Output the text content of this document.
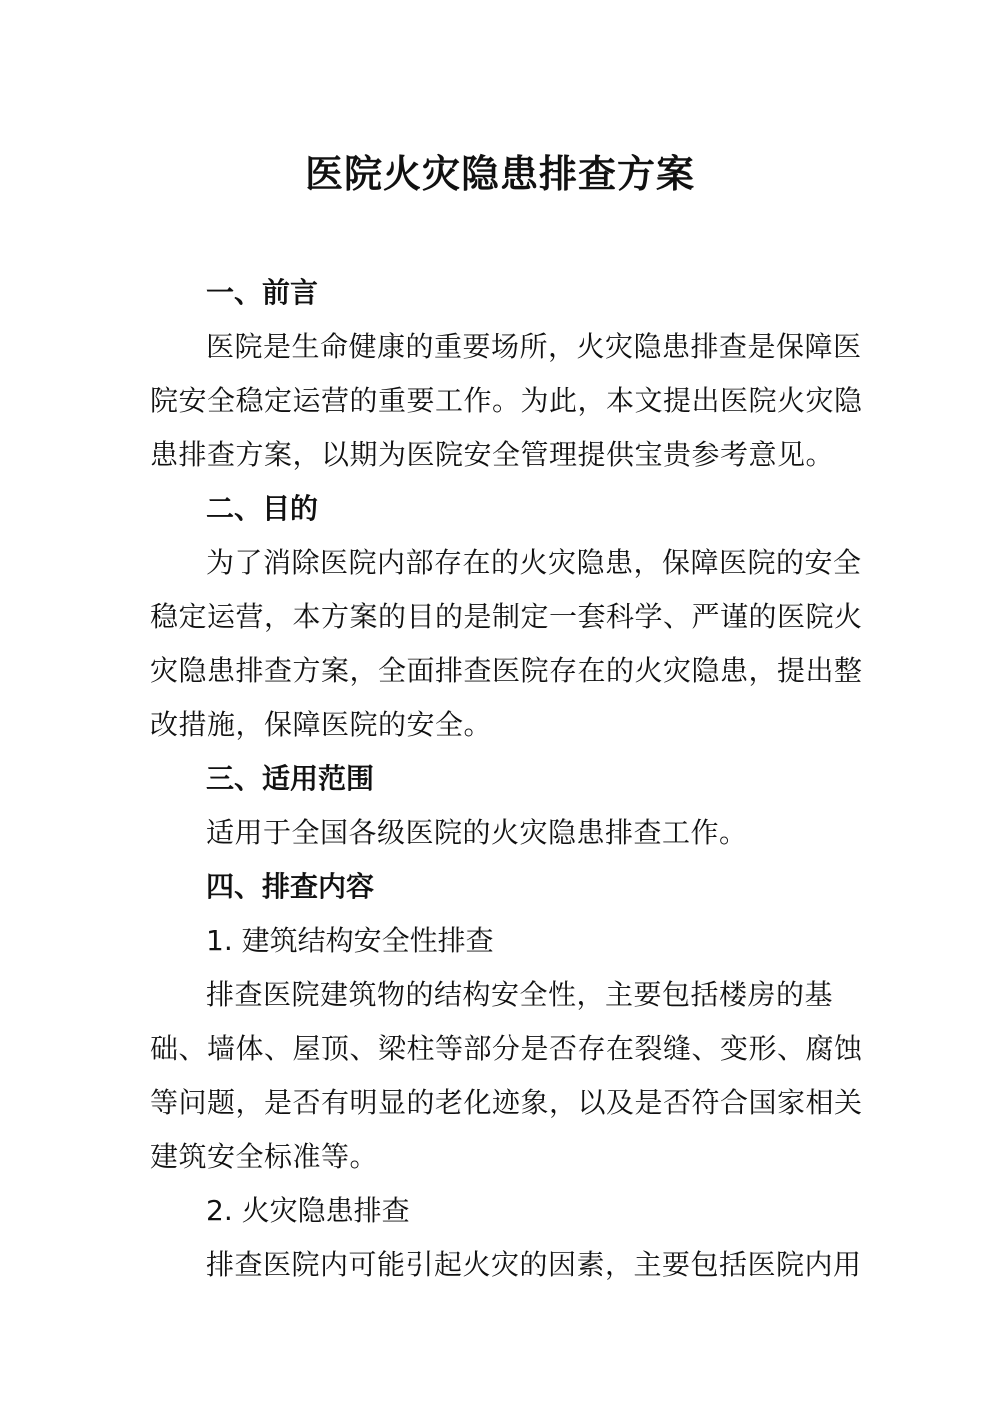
医院火灾隐患排查方案
一、前言

医院是生命健康的重要场所，火灾隐患排查是保障医院安全稳定运营的重要工作。为此，本文提出医院火灾隐患排查方案，以期为医院安全管理提供宝贵参考意见。

二、目的

为了消除医院内部存在的火灾隐患，保障医院的安全稳定运营，本方案的目的是制定一套科学、严谨的医院火灾隐患排查方案，全面排查医院存在的火灾隐患，提出整改措施，保障医院的安全。

三、适用范围

适用于全国各级医院的火灾隐患排查工作。

四、排查内容
1. 建筑结构安全性排查

排查医院建筑物的结构安全性，主要包括楼房的基础、墙体、屋顶、梁柱等部分是否存在裂缝、变形、腐蚀等问题，是否有明显的老化迹象，以及是否符合国家相关建筑安全标准等。

2. 火灾隐患排查

排查医院内可能引起火灾的因素，主要包括医院内用
